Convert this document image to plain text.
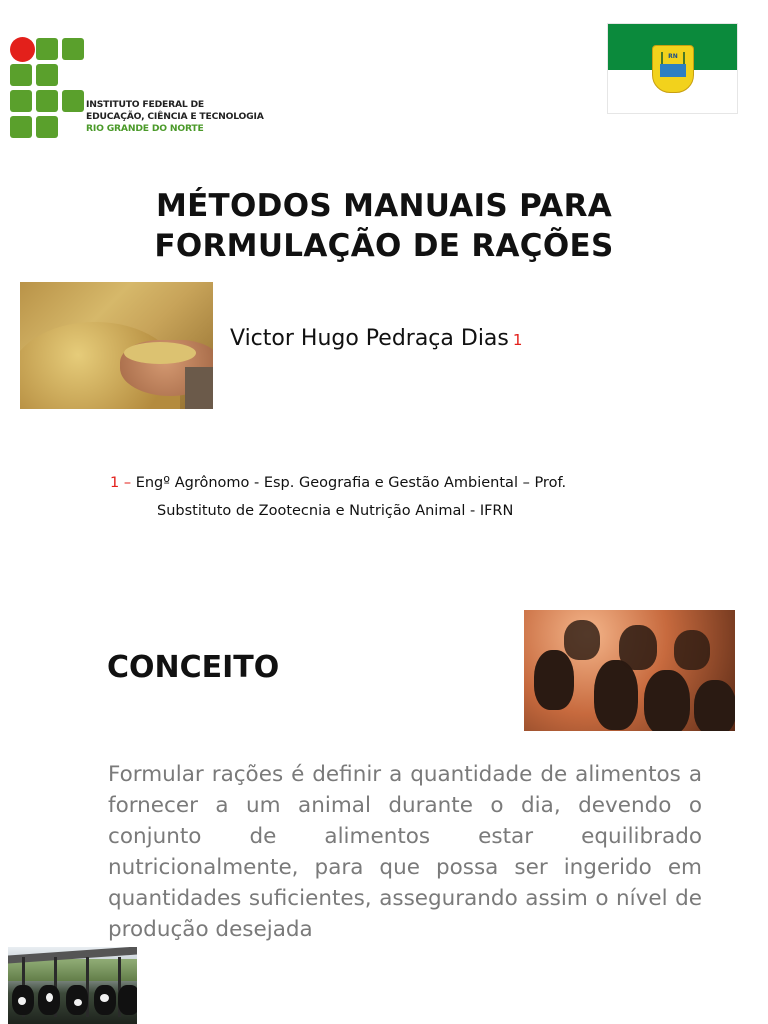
INSTITUTO FEDERAL DE
EDUCAÇÃO, CIÊNCIA E TECNOLOGIA
RIO GRANDE DO NORTE
RN
MÉTODOS MANUAIS PARA
FORMULAÇÃO DE RAÇÕES
Victor Hugo Pedraça Dias 1
1 – Engº Agrônomo - Esp. Geografia e Gestão Ambiental – Prof.
Substituto de Zootecnia e Nutrição Animal - IFRN
CONCEITO
Formular rações é definir a quantidade de alimentos a fornecer a um animal durante o dia, devendo o conjunto de alimentos estar equilibrado nutricionalmente, para que possa ser ingerido em quantidades suficientes, assegurando assim o nível de produção desejada
